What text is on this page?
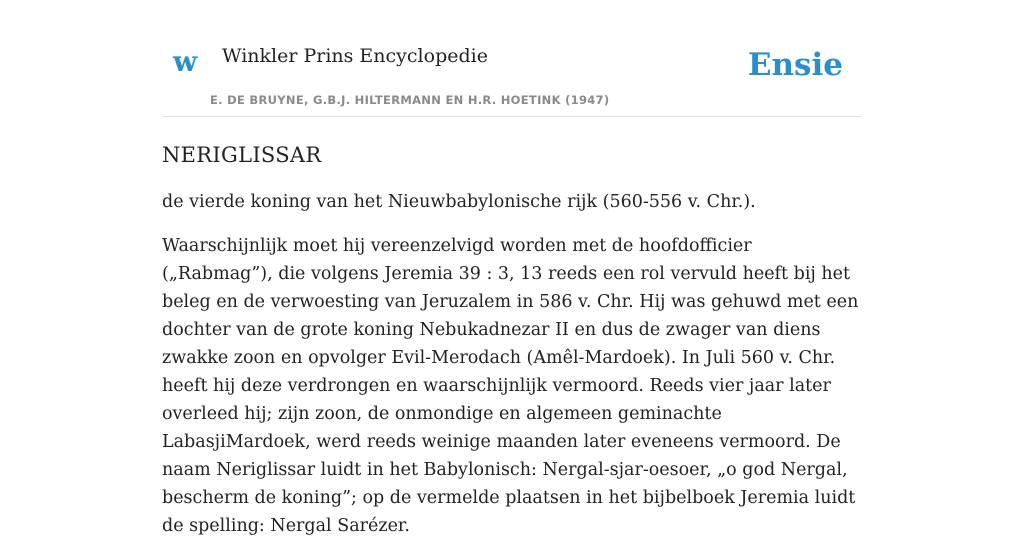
w Winkler Prins Encyclopedie
E. DE BRUYNE, G.B.J. HILTERMANN EN H.R. HOETINK (1947)
Ensie
NERIGLISSAR

de vierde koning van het Nieuwbabylonische rijk (560-556 v. Chr.).

Waarschijnlijk moet hij vereenzelvigd worden met de hoofdofficier („Rabmag”), die volgens Jeremia 39 : 3, 13 reeds een rol vervuld heeft bij het beleg en de verwoesting van Jeruzalem in 586 v. Chr. Hij was gehuwd met een dochter van de grote koning Nebukadnezar II en dus de zwager van diens zwakke zoon en opvolger Evil-Merodach (Amêl-Mardoek). In Juli 560 v. Chr. heeft hij deze verdrongen en waarschijnlijk vermoord. Reeds vier jaar later overleed hij; zijn zoon, de onmondige en algemeen geminachte LabasjiMardoek, werd reeds weinige maanden later eveneens vermoord. De naam Neriglissar luidt in het Babylonisch: Nergal-sjar-oesoer, „o god Nergal, bescherm de koning”; op de vermelde plaatsen in het bijbelboek Jeremia luidt de spelling: Nergal Sarézer.
